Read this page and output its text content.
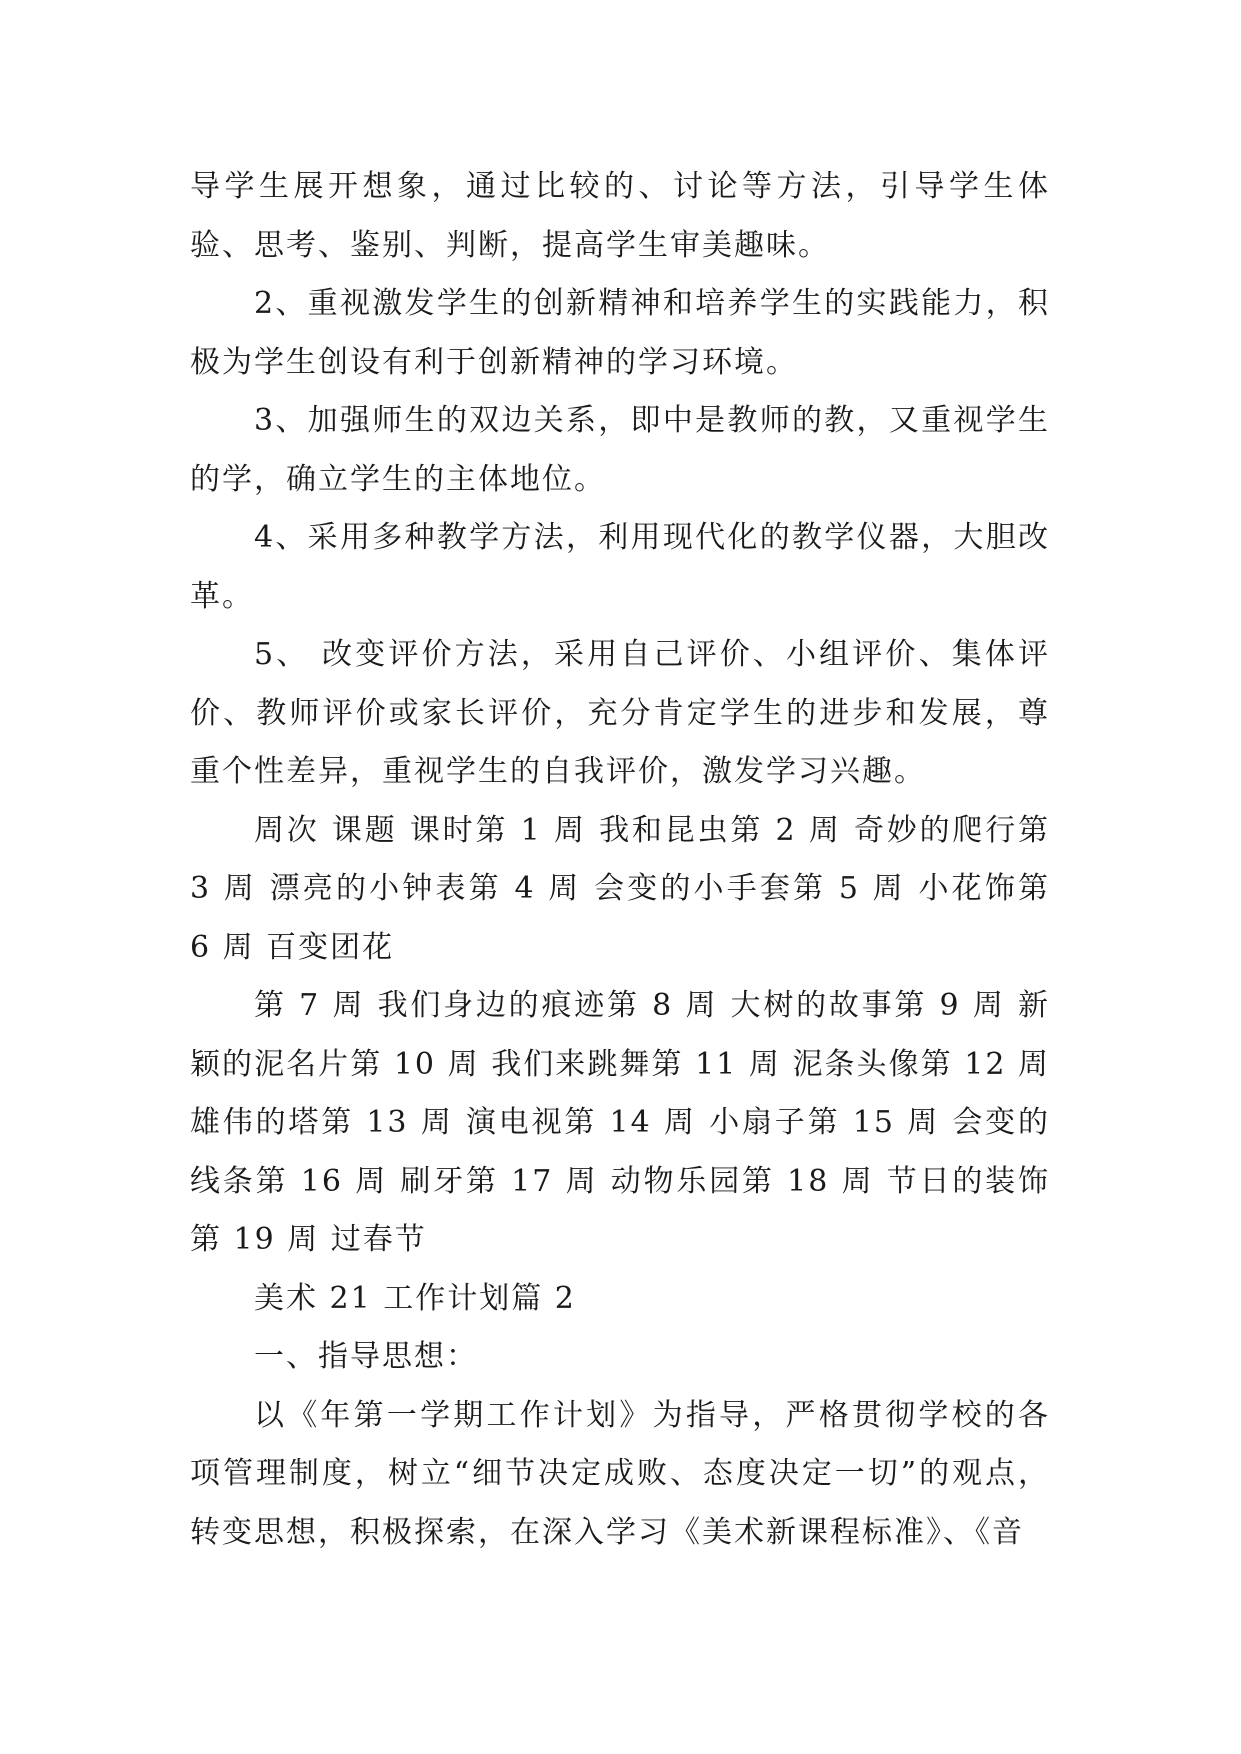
导学生展开想象，通过比较的、讨论等方法，引导学生体验、思考、鉴别、判断，提高学生审美趣味。

2、重视激发学生的创新精神和培养学生的实践能力，积极为学生创设有利于创新精神的学习环境。

3、加强师生的双边关系，即中是教师的教，又重视学生的学，确立学生的主体地位。

4、采用多种教学方法，利用现代化的教学仪器，大胆改革。

5、 改变评价方法，采用自己评价、小组评价、集体评价、教师评价或家长评价，充分肯定学生的进步和发展，尊重个性差异，重视学生的自我评价，激发学习兴趣。

周次 课题 课时第 1 周 我和昆虫第 2 周 奇妙的爬行第 3 周 漂亮的小钟表第 4 周 会变的小手套第 5 周 小花饰第 6 周 百变团花

第 7 周 我们身边的痕迹第 8 周 大树的故事第 9 周 新颖的泥名片第 10 周 我们来跳舞第 11 周 泥条头像第 12 周 雄伟的塔第 13 周 演电视第 14 周 小扇子第 15 周 会变的线条第 16 周 刷牙第 17 周 动物乐园第 18 周 节日的装饰第 19 周 过春节

美术 21 工作计划篇 2

一、指导思想：

以《年第一学期工作计划》为指导，严格贯彻学校的各项管理制度，树立“细节决定成败、态度决定一切”的观点，转变思想，积极探索，在深入学习《美术新课程标准》、《音
